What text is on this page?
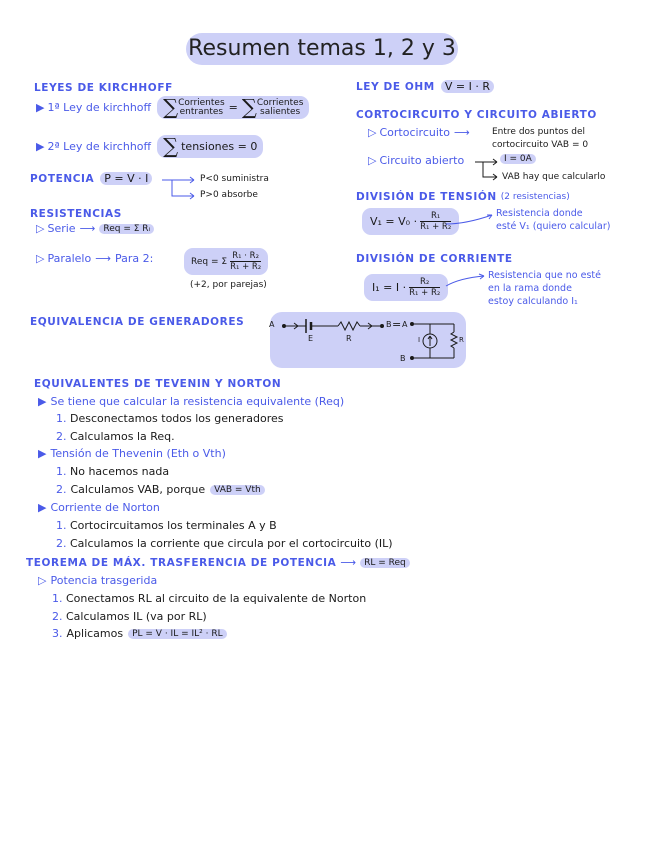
Resumen temas 1, 2 y 3
LEYES DE KIRCHHOFF
▶ 1ª Ley de kirchhoff ∑ Corrientes
entrantes = ∑ Corrientes
salientes
▶ 2ª Ley de kirchhoff ∑ tensiones = 0
LEY DE OHM V = I · R
CORTOCIRCUITO Y CIRCUITO ABIERTO
▷ Cortocircuito ⟶ Entre dos puntos del
cortocircuito VAB = 0
▷ Circuito abierto	I = 0A
VAB hay que calcularlo
POTENCIA P = V · I	P<0 suministra
P>0 absorbe	DIVISIÓN DE TENSIÓN (2 resistencias)
$V_1 = V_0 \cdot \frac{\text{R₁}}{\text{R₁ + R₂}}$	Resistencia donde
esté V₁ (quiero calcular)
RESISTENCIAS
▷ Serie ⟶ Req = Σ Rᵢ
▷ Paralelo ⟶ Para 2:	Req = Σ $\frac{\text{R₁ · R₂}}{\text{R₁ + R₂}}$
(+2, por parejas)
DIVISIÓN DE CORRIENTE
$I_1 = I \cdot \frac{\text{R₂}}{\text{R₁ + R₂}}$
Resistencia que no esté
en la rama donde
estoy calculando I₁
EQUIVALENCIA DE GENERADORES	A	B
E	R
= A
B
I	R
EQUIVALENTES DE TEVENIN Y NORTON
▶ Se tiene que calcular la resistencia equivalente (Req)
1. Desconectamos todos los generadores
2. Calculamos la Req.
▶ Tensión de Thevenin (Eth o Vth)
1. No hacemos nada
2. Calculamos VAB, porque	VAB = Vth
▶ Corriente de Norton
1. Cortocircuitamos los terminales A y B
2. Calculamos la corriente que circula por el cortocircuito (IL)
TEOREMA DE MÁX. TRASFERENCIA DE POTENCIA ⟶ RL = Req
▷ Potencia trasgerida
1. Conectamos RL al circuito de la equivalente de Norton
2. Calculamos IL (va por RL)
3. Aplicamos	PL = V · IL = IL² · RL
